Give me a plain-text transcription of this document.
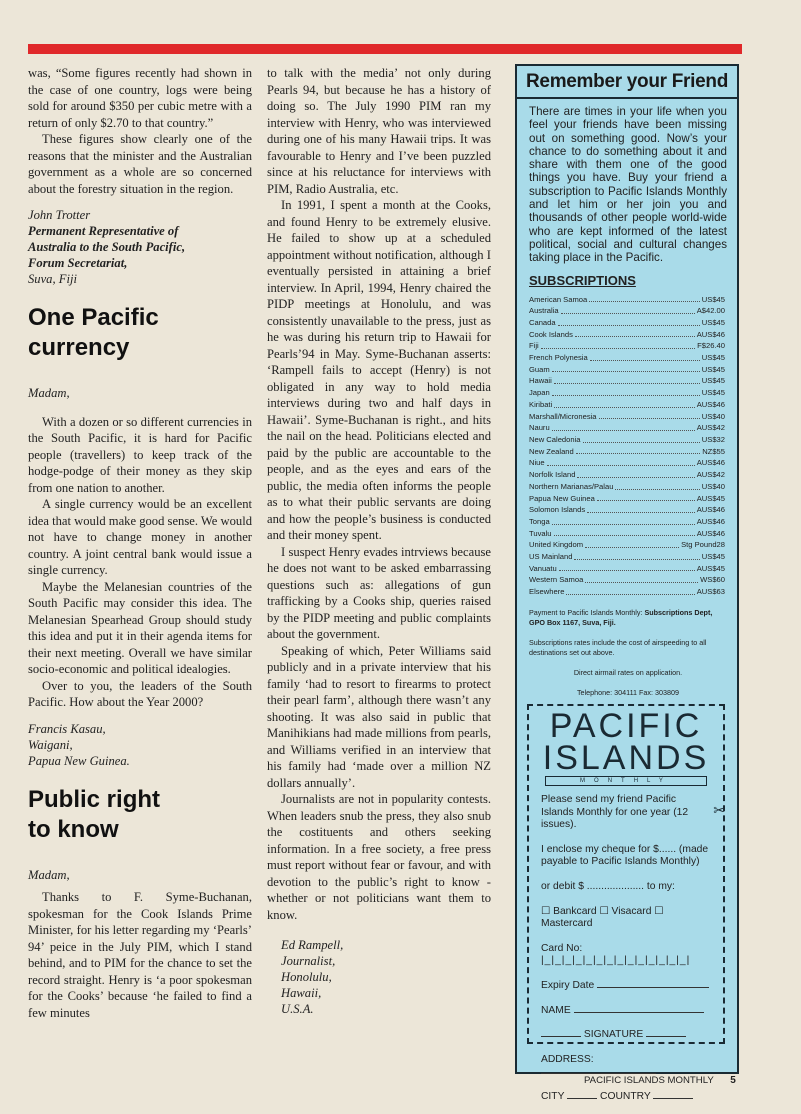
was, “Some figures recently had shown in the case of one country, logs were being sold for around $350 per cubic metre with a return of only $2.70 to that country.”

These figures show clearly one of the reasons that the minister and the Australian government as a whole are so concerned about the forestry situation in the region.

John Trotter
Permanent Representative of
Australia to the South Pacific,
Forum Secretariat,
Suva, Fiji
One Pacific
currency
Madam,

With a dozen or so different currencies in the South Pacific, it is hard for Pacific people (travellers) to keep track of the hodge-podge of their money as they skip from one nation to another.

A single currency would be an excellent idea that would make good sense. We would not have to change money in another country. A joint central bank would issue a single currency.

Maybe the Melanesian countries of the South Pacific may consider this idea. The Melanesian Spearhead Group should study this idea and put it in their agenda items for their next meeting. Overall we have similar socio-economic and political idealogies.

Over to you, the leaders of the South Pacific. How about the Year 2000?

Francis Kasau,
Waigani,
Papua New Guinea.
Public right
to know
Madam,

Thanks to F. Syme-Buchanan, spokesman for the Cook Islands Prime Minister, for his letter regarding my ‘Pearls’ 94’ peice in the July PIM, which I stand behind, and to PIM for the chance to set the record straight. Henry is ‘a poor spokesman for the Cooks’ because ‘he failed to find a few minutes

to talk with the media’ not only during Pearls 94, but because he has a history of doing so. The July 1990 PIM ran my interview with Henry, who was interviewed during one of his many Hawaii trips. It was favourable to Henry and I’ve been puzzled since at his reluctance for interviews with PIM, Radio Australia, etc.

In 1991, I spent a month at the Cooks, and found Henry to be extremely elusive. He failed to show up at a scheduled appointment without notification, although I eventually persisted in attaining a brief interview. In April, 1994, Henry chaired the PIDP meetings at Honolulu, and was consistently unavailable to the press, just as he was during his return trip to Hawaii for Pearls’94 in May. Syme-Buchanan asserts: ‘Rampell fails to accept (Henry) is not obligated in any way to hold media interviews during two and half days in Hawaii’. Syme-Buchanan is right., and hits the nail on the head. Politicians elected and paid by the public are accountable to the people, and as the eyes and ears of the public, the media often informs the people as to what their public servants are doing and how the people’s business is conducted and their money spent.

I suspect Henry evades intrviews because he does not want to be asked embarrassing questions such as: allegations of gun trafficking by a Cooks ship, queries raised by the PIDP meeting and public complaints about the government.

Speaking of which, Peter Williams said publicly and in a private interview that his family ‘had to resort to firearms to protect their pearl farm’, although there wasn’t any shooting. It was also said in public that Manihikians had made millions from pearls, and Williams verified in an interview that his family had ‘made over a million NZ dollars annually’.

Journalists are not in popularity contests. When leaders snub the press, they also snub the costituents and others seeking information. In a free society, a free press must report without fear or favour, and with devotion to the public’s right to know - whether or not politicians want them to know.

Ed Rampell,
Journalist,
Honolulu,
Hawaii,
U.S.A.
Remember your Friend
There are times in your life when you feel your friends have been missing out on something good. Now’s your chance to do something about it and share with them one of the good things you have. Buy your friend a subscription to Pacific Islands Monthly and let him or her join you and thousands of other people world-wide who are kept informed of the latest political, social and cultural changes taking place in the Pacific.
SUBSCRIPTIONS
American Samoa	US$45
Australia	A$42.00
Canada	US$45
Cook Islands	AUS$46
Fiji	F$26.40
French Polynesia	US$45
Guam	US$45
Hawaii	US$45
Japan	US$45
Kiribati	AUS$46
Marshall/Micronesia	US$40
Nauru	AUS$42
New Caledonia	US$32
New Zealand	NZ$55
Niue	AUS$46
Norfolk Island	AUS$42
Northern Marianas/Palau	US$40
Papua New Guinea	AUS$45
Solomon Islands	AUS$46
Tonga	AUS$46
Tuvalu	AUS$46
United Kingdom	Stg Pound28
US Mainland	US$45
Vanuatu	AUS$45
Western Samoa	WS$60
Elsewhere	AUS$63
Payment to Pacific Islands Monthly: Subscriptions Dept, GPO Box 1167, Suva, Fiji.
Subscriptions rates include the cost of airspeeding to all destinations set out above.
Direct airmail rates on application.
Telephone: 304111 Fax: 303809
✂
PACIFIC
ISLANDS
MONTHLY
Please send my friend Pacific Islands Monthly for one year (12 issues).
I enclose my cheque for $...... (made payable to Pacific Islands Monthly)
or debit $ .................... to my:
☐ Bankcard ☐ Visacard ☐ Mastercard
Card No: |_|_|_|_|_|_|_|_|_|_|_|_|_|_|
Expiry Date
NAME
SIGNATURE
ADDRESS:
CITY	COUNTRY
PACIFIC ISLANDS MONTHLY 5
